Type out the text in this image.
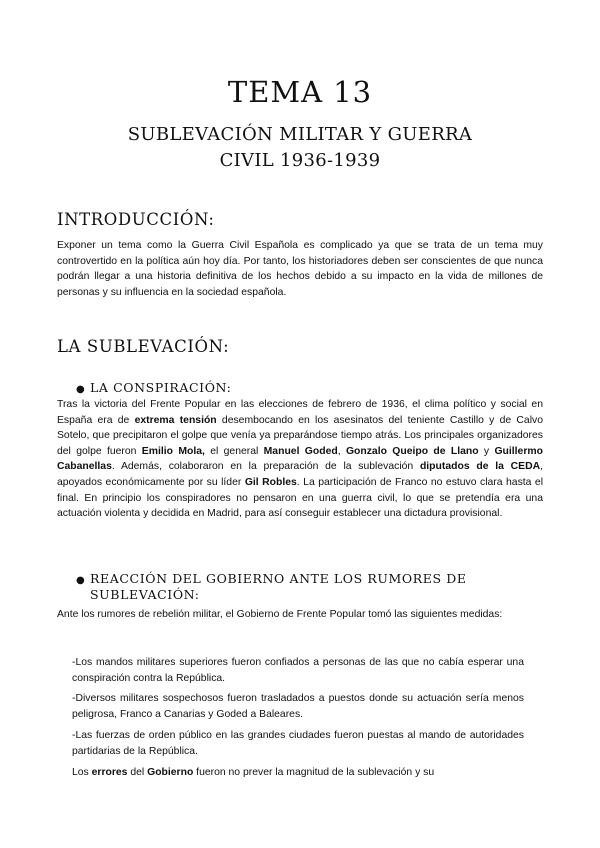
TEMA 13
SUBLEVACIÓN MILITAR Y GUERRA
CIVIL 1936-1939
INTRODUCCIÓN:

Exponer un tema como la Guerra Civil Española es complicado ya que se trata de un tema muy controvertido en la política aún hoy día. Por tanto, los historiadores deben ser conscientes de que nunca podrán llegar a una historia definitiva de los hechos debido a su impacto en la vida de millones de personas y su influencia en la sociedad española.

LA SUBLEVACIÓN:
● LA CONSPIRACIÓN:

Tras la victoria del Frente Popular en las elecciones de febrero de 1936, el clima político y social en España era de extrema tensión desembocando en los asesinatos del teniente Castillo y de Calvo Sotelo, que precipitaron el golpe que venía ya preparándose tiempo atrás. Los principales organizadores del golpe fueron Emilio Mola, el general Manuel Goded, Gonzalo Queipo de Llano y Guillermo Cabanellas. Además, colaboraron en la preparación de la sublevación diputados de la CEDA, apoyados económicamente por su líder Gil Robles. La participación de Franco no estuvo clara hasta el final. En principio los conspiradores no pensaron en una guerra civil, lo que se pretendía era una actuación violenta y decidida en Madrid, para así conseguir establecer una dictadura provisional.

● REACCIÓN DEL GOBIERNO ANTE LOS RUMORES DE SUBLEVACIÓN:

Ante los rumores de rebelión militar, el Gobierno de Frente Popular tomó las siguientes medidas:

-Los mandos militares superiores fueron confiados a personas de las que no cabía esperar una conspiración contra la República.

-Diversos militares sospechosos fueron trasladados a puestos donde su actuación sería menos peligrosa, Franco a Canarias y Goded a Baleares.

-Las fuerzas de orden público en las grandes ciudades fueron puestas al mando de autoridades partidarias de la República.

Los errores del Gobierno fueron no prever la magnitud de la sublevación y su
